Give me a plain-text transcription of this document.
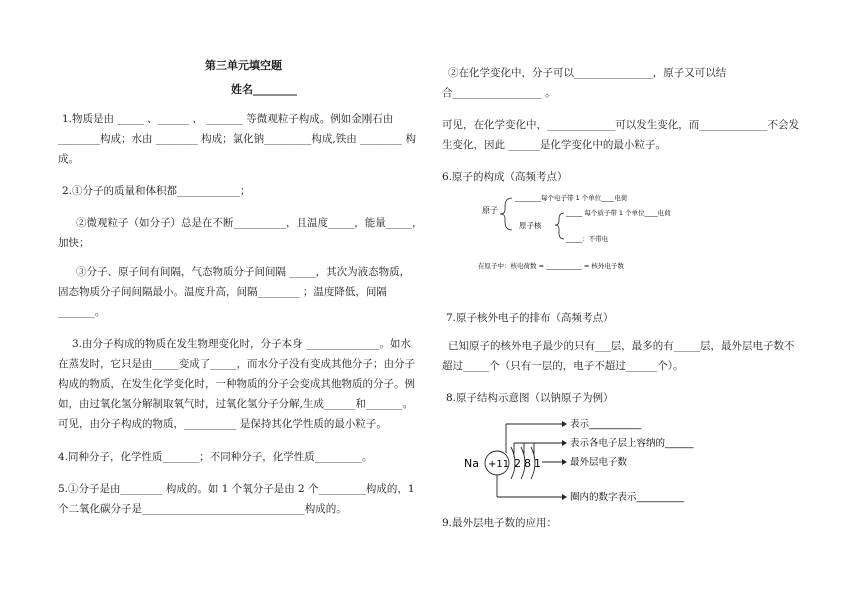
第三单元填空题
姓名________
1.物质是由 _____ 、______ 、 _______ 等微观粒子构成。例如金刚石由
________构成；水由 ________ 构成；氯化钠_________构成,铁由 ________ 构
成。
2.①分子的质量和体积都____________；
②微观粒子（如分子）总是在不断__________，且温度_____，能量_____，
加快；
③分子、原子间有间隔，气态物质分子间间隔 _____，其次为液态物质，
固态物质分子间间隔最小。温度升高，间隔________ ；温度降低，间隔
_______。
3.由分子构成的物质在发生物理变化时，分子本身 ______________。如水
在蒸发时，它只是由_____变成了_____，而水分子没有变成其他分子；由分子
构成的物质，在发生化学变化时，一种物质的分子会变成其他物质的分子。例
如，由过氧化氢分解制取氧气时，过氧化氢分子分解,生成______和_______。
可见，由分子构成的物质，__________ 是保持其化学性质的最小粒子。
4.同种分子，化学性质_______；不同种分子，化学性质_________。
5.①分子是由________ 构成的。如 1 个氧分子是由 2 个_________构成的，1
个二氧化碳分子是_______________________________构成的。
②在化学变化中，分子可以_______________，原子又可以结
合_________________ 。
可见，在化学变化中，_____________可以发生变化，而_____________不会发
生变化，因此 ______是化学变化中的最小粒子。
6.原子的构成（高频考点）
原子
________每个电子带 1 个单位____电荷
原子核
_____ 每个质子带 1 个单位____电荷
_____：不带电
在原子中：核电荷数 = ___________ = 核外电子数
7.原子核外电子的排布（高频考点）
已知原子的核外电子最少的只有___层，最多的有_____层，最外层电子数不
超过_____个（只有一层的，电子不超过______个）。
8.原子结构示意图（以钠原子为例）
Na +11 2 8 1
表示___________
表示各电子层上容纳的______
最外层电子数
圈内的数字表示__________
9.最外层电子数的应用：
